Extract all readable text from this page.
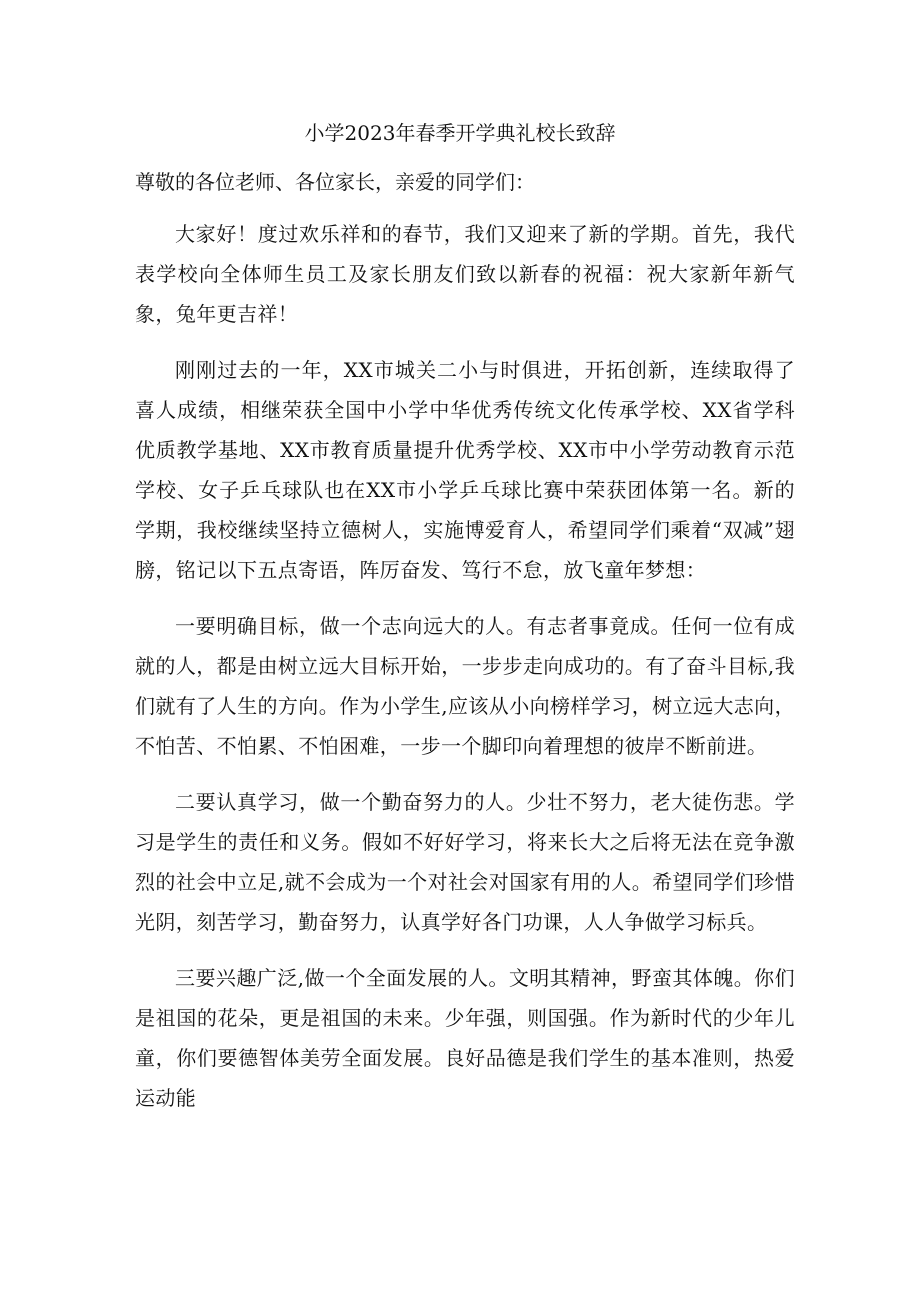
小学2023年春季开学典礼校长致辞

尊敬的各位老师、各位家长，亲爱的同学们：

大家好！度过欢乐祥和的春节，我们又迎来了新的学期。首先，我代表学校向全体师生员工及家长朋友们致以新春的祝福：祝大家新年新气象，兔年更吉祥！

刚刚过去的一年，XX市城关二小与时俱进，开拓创新，连续取得了喜人成绩，相继荣获全国中小学中华优秀传统文化传承学校、XX省学科优质教学基地、XX市教育质量提升优秀学校、XX市中小学劳动教育示范学校、女子乒乓球队也在XX市小学乒乓球比赛中荣获团体第一名。新的学期，我校继续坚持立德树人，实施博爱育人，希望同学们乘着“双减”翅膀，铭记以下五点寄语，阵厉奋发、笃行不怠，放飞童年梦想：

一要明确目标，做一个志向远大的人。有志者事竟成。任何一位有成就的人，都是由树立远大目标开始，一步步走向成功的。有了奋斗目标,我们就有了人生的方向。作为小学生,应该从小向榜样学习，树立远大志向，不怕苦、不怕累、不怕困难，一步一个脚印向着理想的彼岸不断前进。

二要认真学习，做一个勤奋努力的人。少壮不努力，老大徒伤悲。学习是学生的责任和义务。假如不好好学习，将来长大之后将无法在竞争激烈的社会中立足,就不会成为一个对社会对国家有用的人。希望同学们珍惜光阴，刻苦学习，勤奋努力，认真学好各门功课，人人争做学习标兵。

三要兴趣广泛,做一个全面发展的人。文明其精神，野蛮其体魄。你们是祖国的花朵，更是祖国的未来。少年强，则国强。作为新时代的少年儿童，你们要德智体美劳全面发展。良好品德是我们学生的基本准则，热爱运动能
